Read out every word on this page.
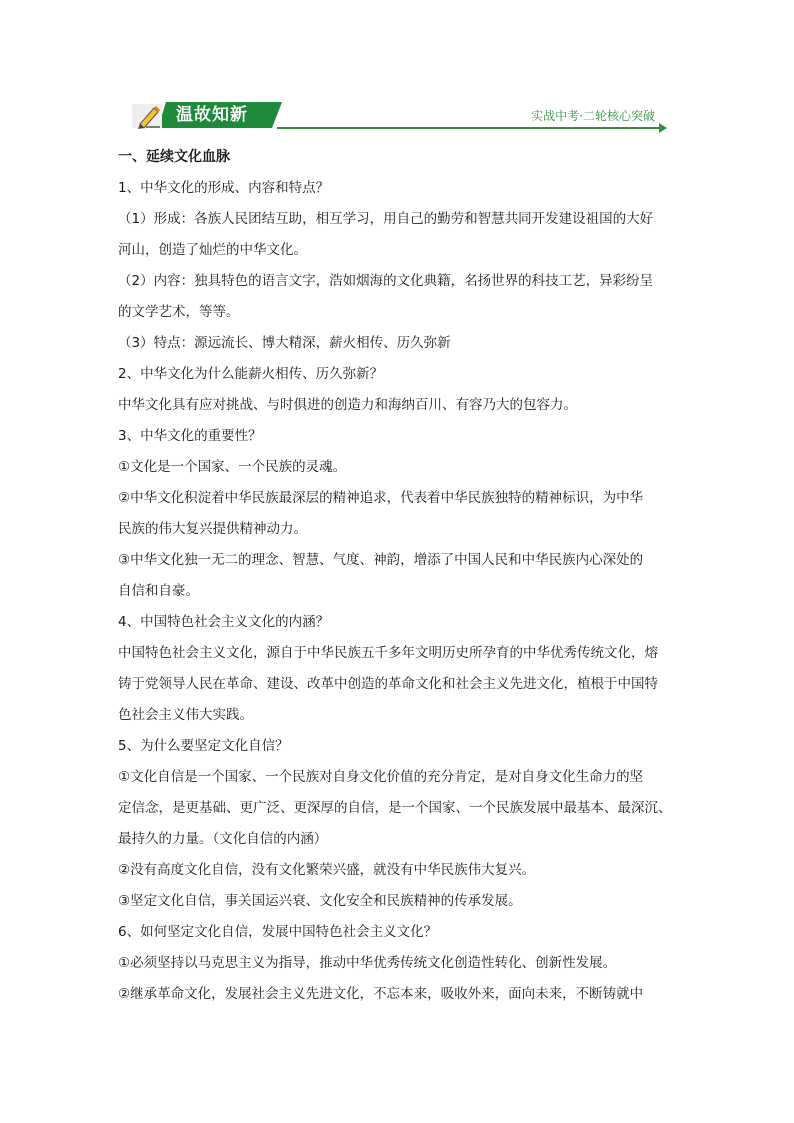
温故知新	实战中考·二轮核心突破

一、延续文化血脉

1、中华文化的形成、内容和特点？

（1）形成：各族人民团结互助，相互学习，用自己的勤劳和智慧共同开发建设祖国的大好

河山，创造了灿烂的中华文化。

（2）内容：独具特色的语言文字，浩如烟海的文化典籍，名扬世界的科技工艺，异彩纷呈

的文学艺术，等等。

（3）特点：源远流长、博大精深，薪火相传、历久弥新

2、中华文化为什么能薪火相传、历久弥新？

中华文化具有应对挑战、与时俱进的创造力和海纳百川、有容乃大的包容力。

3、中华文化的重要性？

①文化是一个国家、一个民族的灵魂。

②中华文化积淀着中华民族最深层的精神追求，代表着中华民族独特的精神标识，为中华

民族的伟大复兴提供精神动力。

③中华文化独一无二的理念、智慧、气度、神韵，增添了中国人民和中华民族内心深处的

自信和自豪。

4、中国特色社会主义文化的内涵？

中国特色社会主义文化，源自于中华民族五千多年文明历史所孕育的中华优秀传统文化，熔

铸于党领导人民在革命、建设、改革中创造的革命文化和社会主义先进文化，植根于中国特

色社会主义伟大实践。

5、为什么要坚定文化自信？

①文化自信是一个国家、一个民族对自身文化价值的充分肯定，是对自身文化生命力的坚

定信念，是更基础、更广泛、更深厚的自信，是一个国家、一个民族发展中最基本、最深沉、

最持久的力量。（文化自信的内涵）

②没有高度文化自信，没有文化繁荣兴盛，就没有中华民族伟大复兴。

③坚定文化自信，事关国运兴衰、文化安全和民族精神的传承发展。

6、如何坚定文化自信，发展中国特色社会主义文化？

①必须坚持以马克思主义为指导，推动中华优秀传统文化创造性转化、创新性发展。

②继承革命文化，发展社会主义先进文化，不忘本来，吸收外来，面向未来，不断铸就中
